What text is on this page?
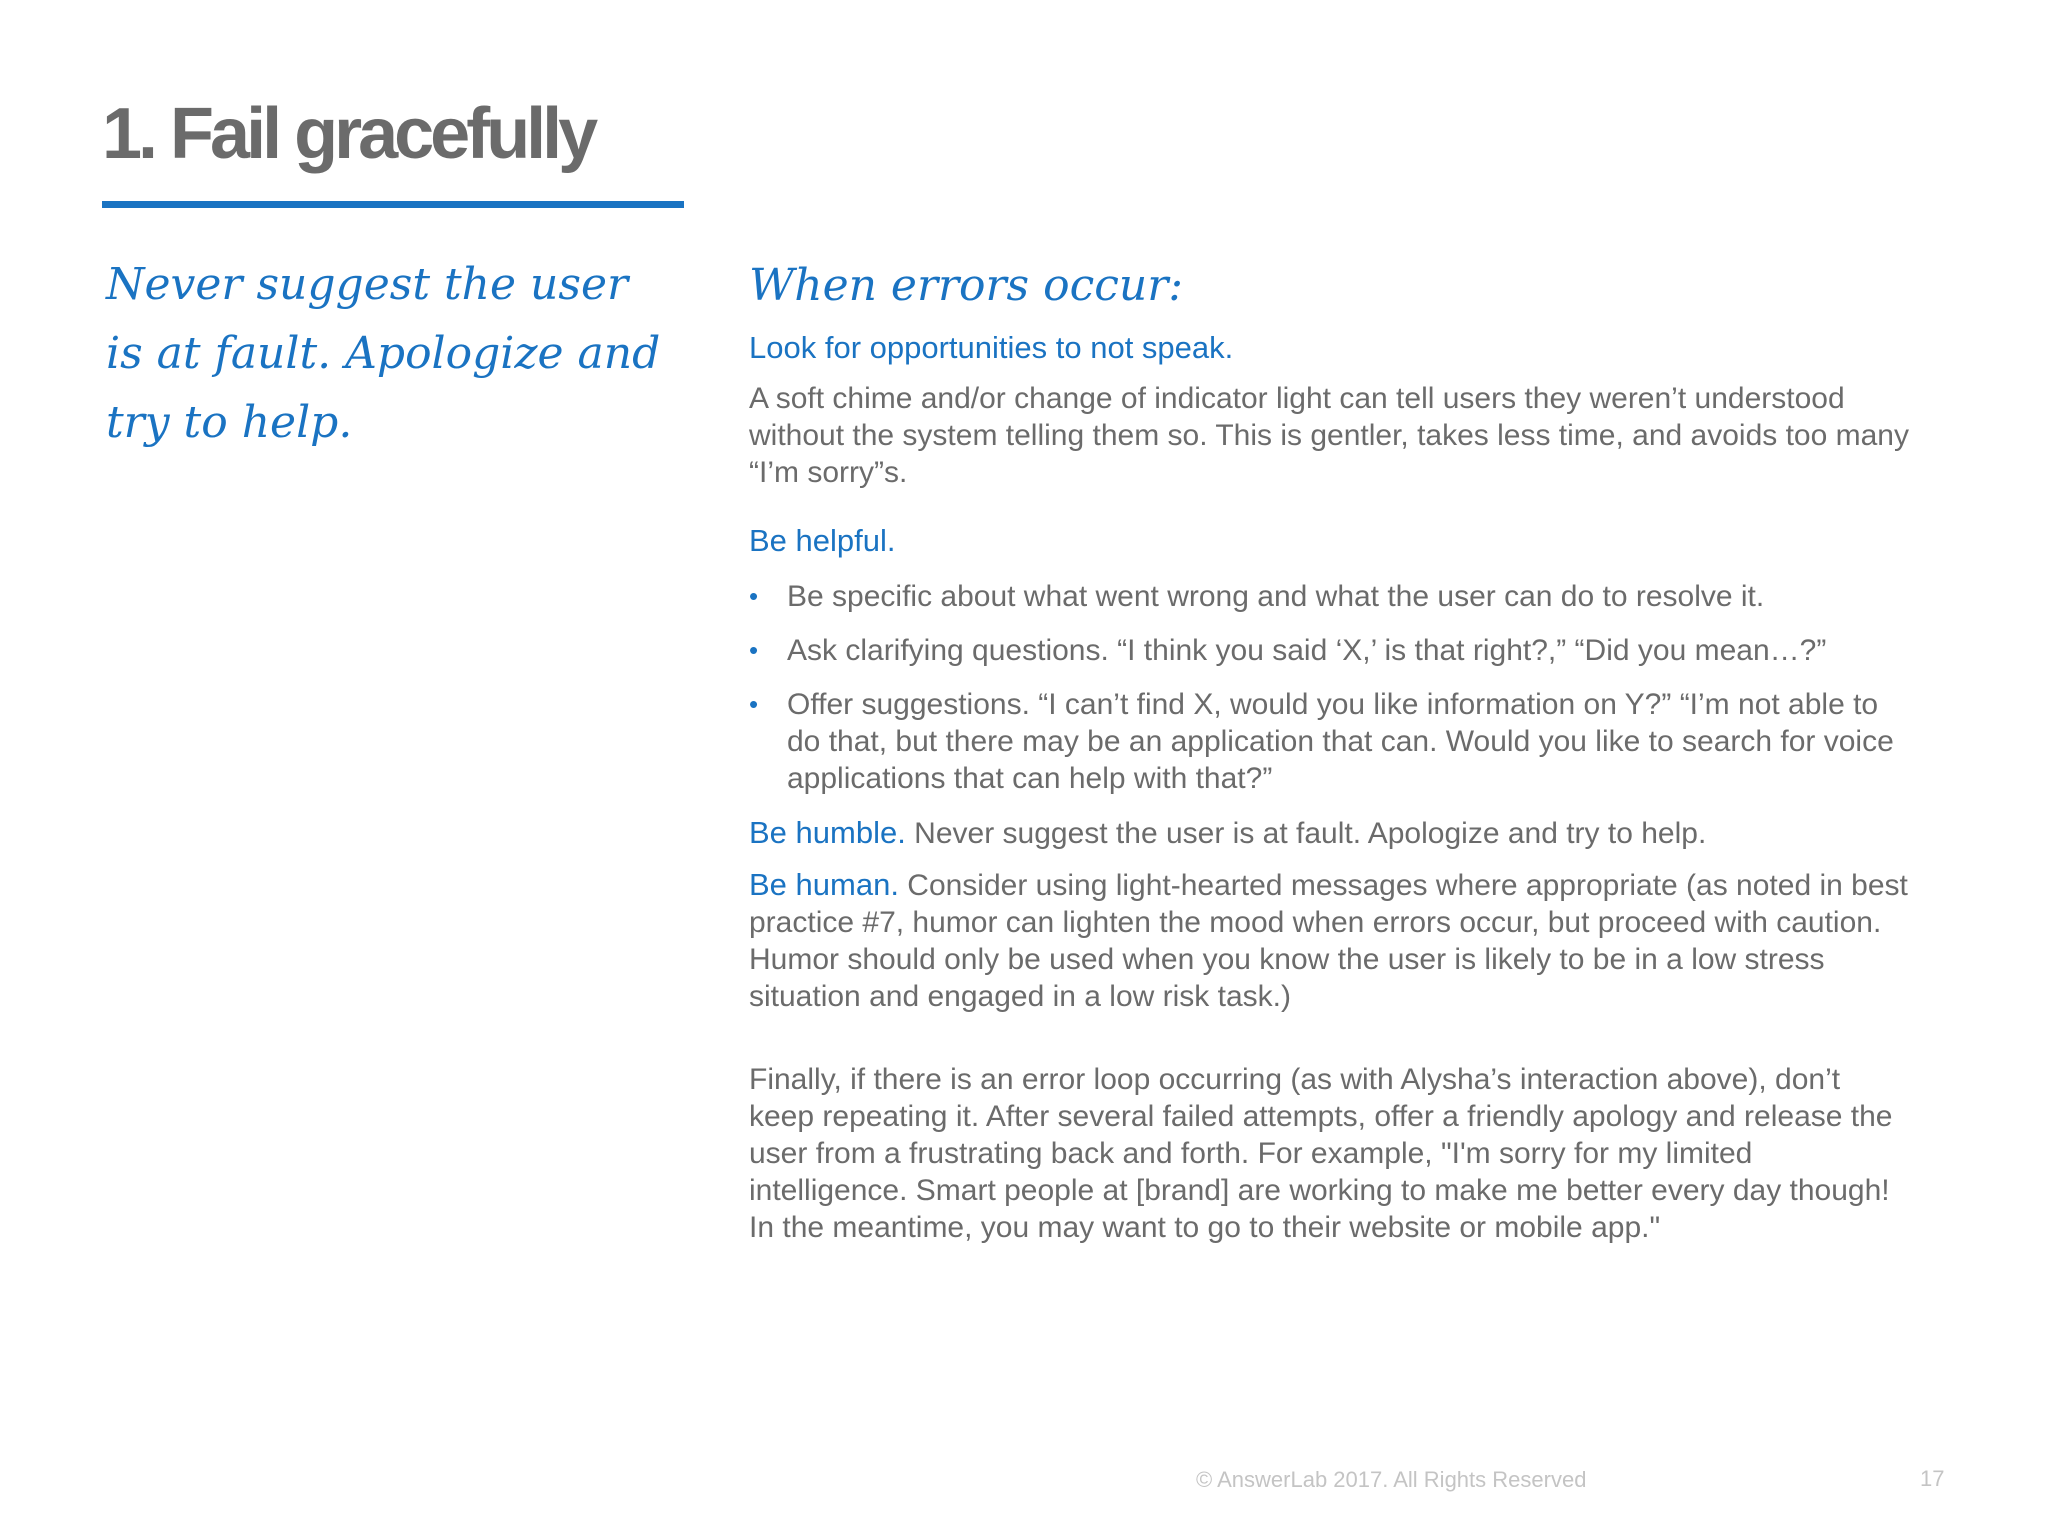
1. Fail gracefully

Never suggest the user is at fault. Apologize and try to help.

When errors occur:

Look for opportunities to not speak.

A soft chime and/or change of indicator light can tell users they weren’t understood without the system telling them so. This is gentler, takes less time, and avoids too many “I’m sorry”s.

Be helpful.

• Be specific about what went wrong and what the user can do to resolve it.
• Ask clarifying questions. “I think you said ‘X,’ is that right?,” “Did you mean…?”
• Offer suggestions. “I can’t find X, would you like information on Y?” “I’m not able to do that, but there may be an application that can. Would you like to search for voice applications that can help with that?”

Be humble. Never suggest the user is at fault. Apologize and try to help.

Be human. Consider using light-hearted messages where appropriate (as noted in best practice #7, humor can lighten the mood when errors occur, but proceed with caution. Humor should only be used when you know the user is likely to be in a low stress situation and engaged in a low risk task.)

Finally, if there is an error loop occurring (as with Alysha’s interaction above), don’t keep repeating it. After several failed attempts, offer a friendly apology and release the user from a frustrating back and forth. For example, "I'm sorry for my limited intelligence. Smart people at [brand] are working to make me better every day though! In the meantime, you may want to go to their website or mobile app."

© AnswerLab 2017. All Rights Reserved	17
